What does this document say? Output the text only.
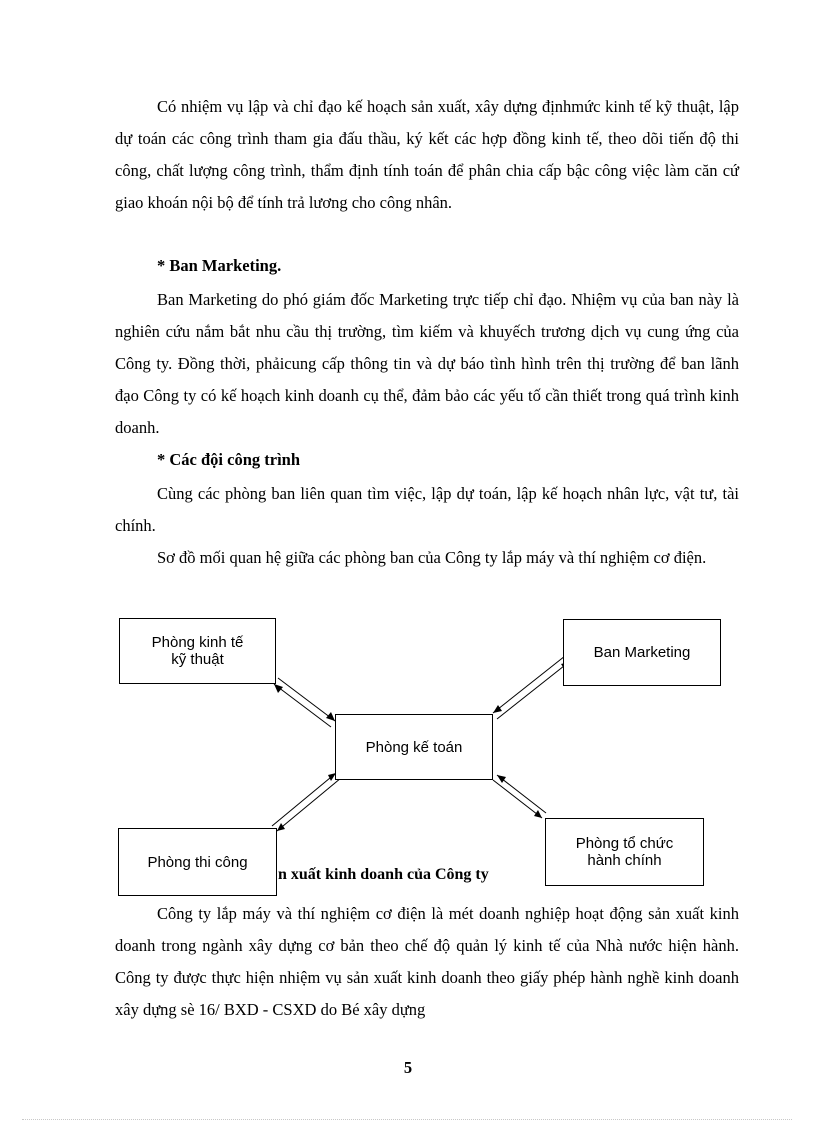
Có nhiệm vụ lập và chỉ đạo kế hoạch sản xuất, xây dựng địnhmức kinh tế kỹ thuật, lập dự toán các công trình tham gia đấu thầu, ký kết các hợp đồng kinh tế, theo dõi tiến độ thi công, chất lượng công trình, thẩm định tính toán để phân chia cấp bậc công việc làm căn cứ giao khoán nội bộ để tính trả lương cho công nhân.

* Ban Marketing.

Ban Marketing do phó giám đốc Marketing trực tiếp chỉ đạo. Nhiệm vụ của ban này là nghiên cứu nắm bắt nhu cầu thị trường, tìm kiếm và khuyếch trương dịch vụ cung ứng của Công ty. Đồng thời, phảicung cấp thông tin và dự báo tình hình trên thị trường để ban lãnh đạo Công ty có kế hoạch kinh doanh cụ thể, đảm bảo các yếu tố cần thiết trong quá trình kinh doanh.

* Các đội công trình

Cùng các phòng ban liên quan tìm việc, lập dự toán, lập kế hoạch nhân lực, vật tư, tài chính.

Sơ đồ mối quan hệ giữa các phòng ban của Công ty lắp máy và thí nghiệm cơ điện.

Phòng kinh tế
kỹ thuật	Ban Marketing
Phòng kế toán
Phòng tổ chức
hành chính

n xuất kinh doanh của Công ty

Phòng thi công

Công ty lắp máy và thí nghiệm cơ điện là mét doanh nghiệp hoạt động sản xuất kinh doanh trong ngành xây dựng cơ bản theo chế độ quản lý kinh tế của Nhà nước hiện hành. Công ty được thực hiện nhiệm vụ sản xuất kinh doanh theo giấy phép hành nghề kinh doanh xây dựng sè 16/ BXD - CSXD do Bé xây dựng

5
